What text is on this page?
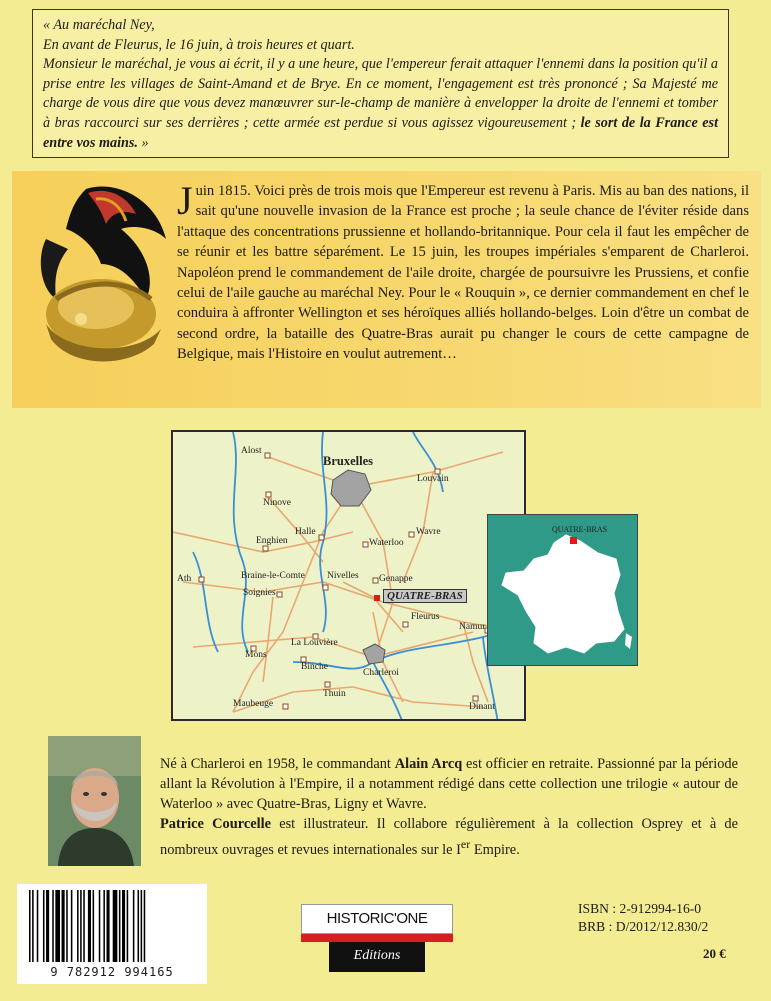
« Au maréchal Ney,

En avant de Fleurus, le 16 juin, à trois heures et quart.

Monsieur le maréchal, je vous ai écrit, il y a une heure, que l'empereur ferait attaquer l'ennemi dans la position qu'il a prise entre les villages de Saint-Amand et de Brye. En ce moment, l'engagement est très prononcé ; Sa Majesté me charge de vous dire que vous devez manœuvrer sur-le-champ de manière à envelopper la droite de l'ennemi et tomber à bras raccourci sur ses derrières ; cette armée est perdue si vous agissez vigoureusement ; le sort de la France est entre vos mains. »

Juin 1815. Voici près de trois mois que l'Empereur est revenu à Paris. Mis au ban des nations, il sait qu'une nouvelle invasion de la France est proche ; la seule chance de l'éviter réside dans l'attaque des concentrations prussienne et hollando-britannique. Pour cela il faut les empêcher de se réunir et les battre séparément. Le 15 juin, les troupes impériales s'emparent de Charleroi. Napoléon prend le commandement de l'aile droite, chargée de poursuivre les Prussiens, et confie celui de l'aile gauche au maréchal Ney. Pour le « Rouquin », ce dernier commandement en chef le conduira à affronter Wellington et ses héroïques alliés hollando-belges. Loin d'être un combat de second ordre, la bataille des Quatre-Bras aurait pu changer le cours de cette campagne de Belgique, mais l'Histoire en voulut autrement…
Alost
Bruxelles
Louvain
Ninove
Halle	Wavre
Enghien	Waterloo
Ath	Braine-le-Comte Nivelles Genappe
Soignies	QUATRE-BRAS
Fleurus
Namur
La Louvière
Mons
Binche
Charleroi
Thuin
Maubeuge	Dinant
QUATRE-BRAS

Né à Charleroi en 1958, le commandant Alain Arcq est officier en retraite. Passionné par la période allant la Révolution à l'Empire, il a notamment rédigé dans cette collection une trilogie « autour de Waterloo » avec Quatre-Bras, Ligny et Wavre.

Patrice Courcelle est illustrateur. Il collabore régulièrement à la collection Osprey et à de nombreux ouvrages et revues internationales sur le Ier Empire.

9 782912 994165
HISTORIC'ONE
Editions
ISBN : 2-912994-16-0
BRB : D/2012/12.830/2
20 €
